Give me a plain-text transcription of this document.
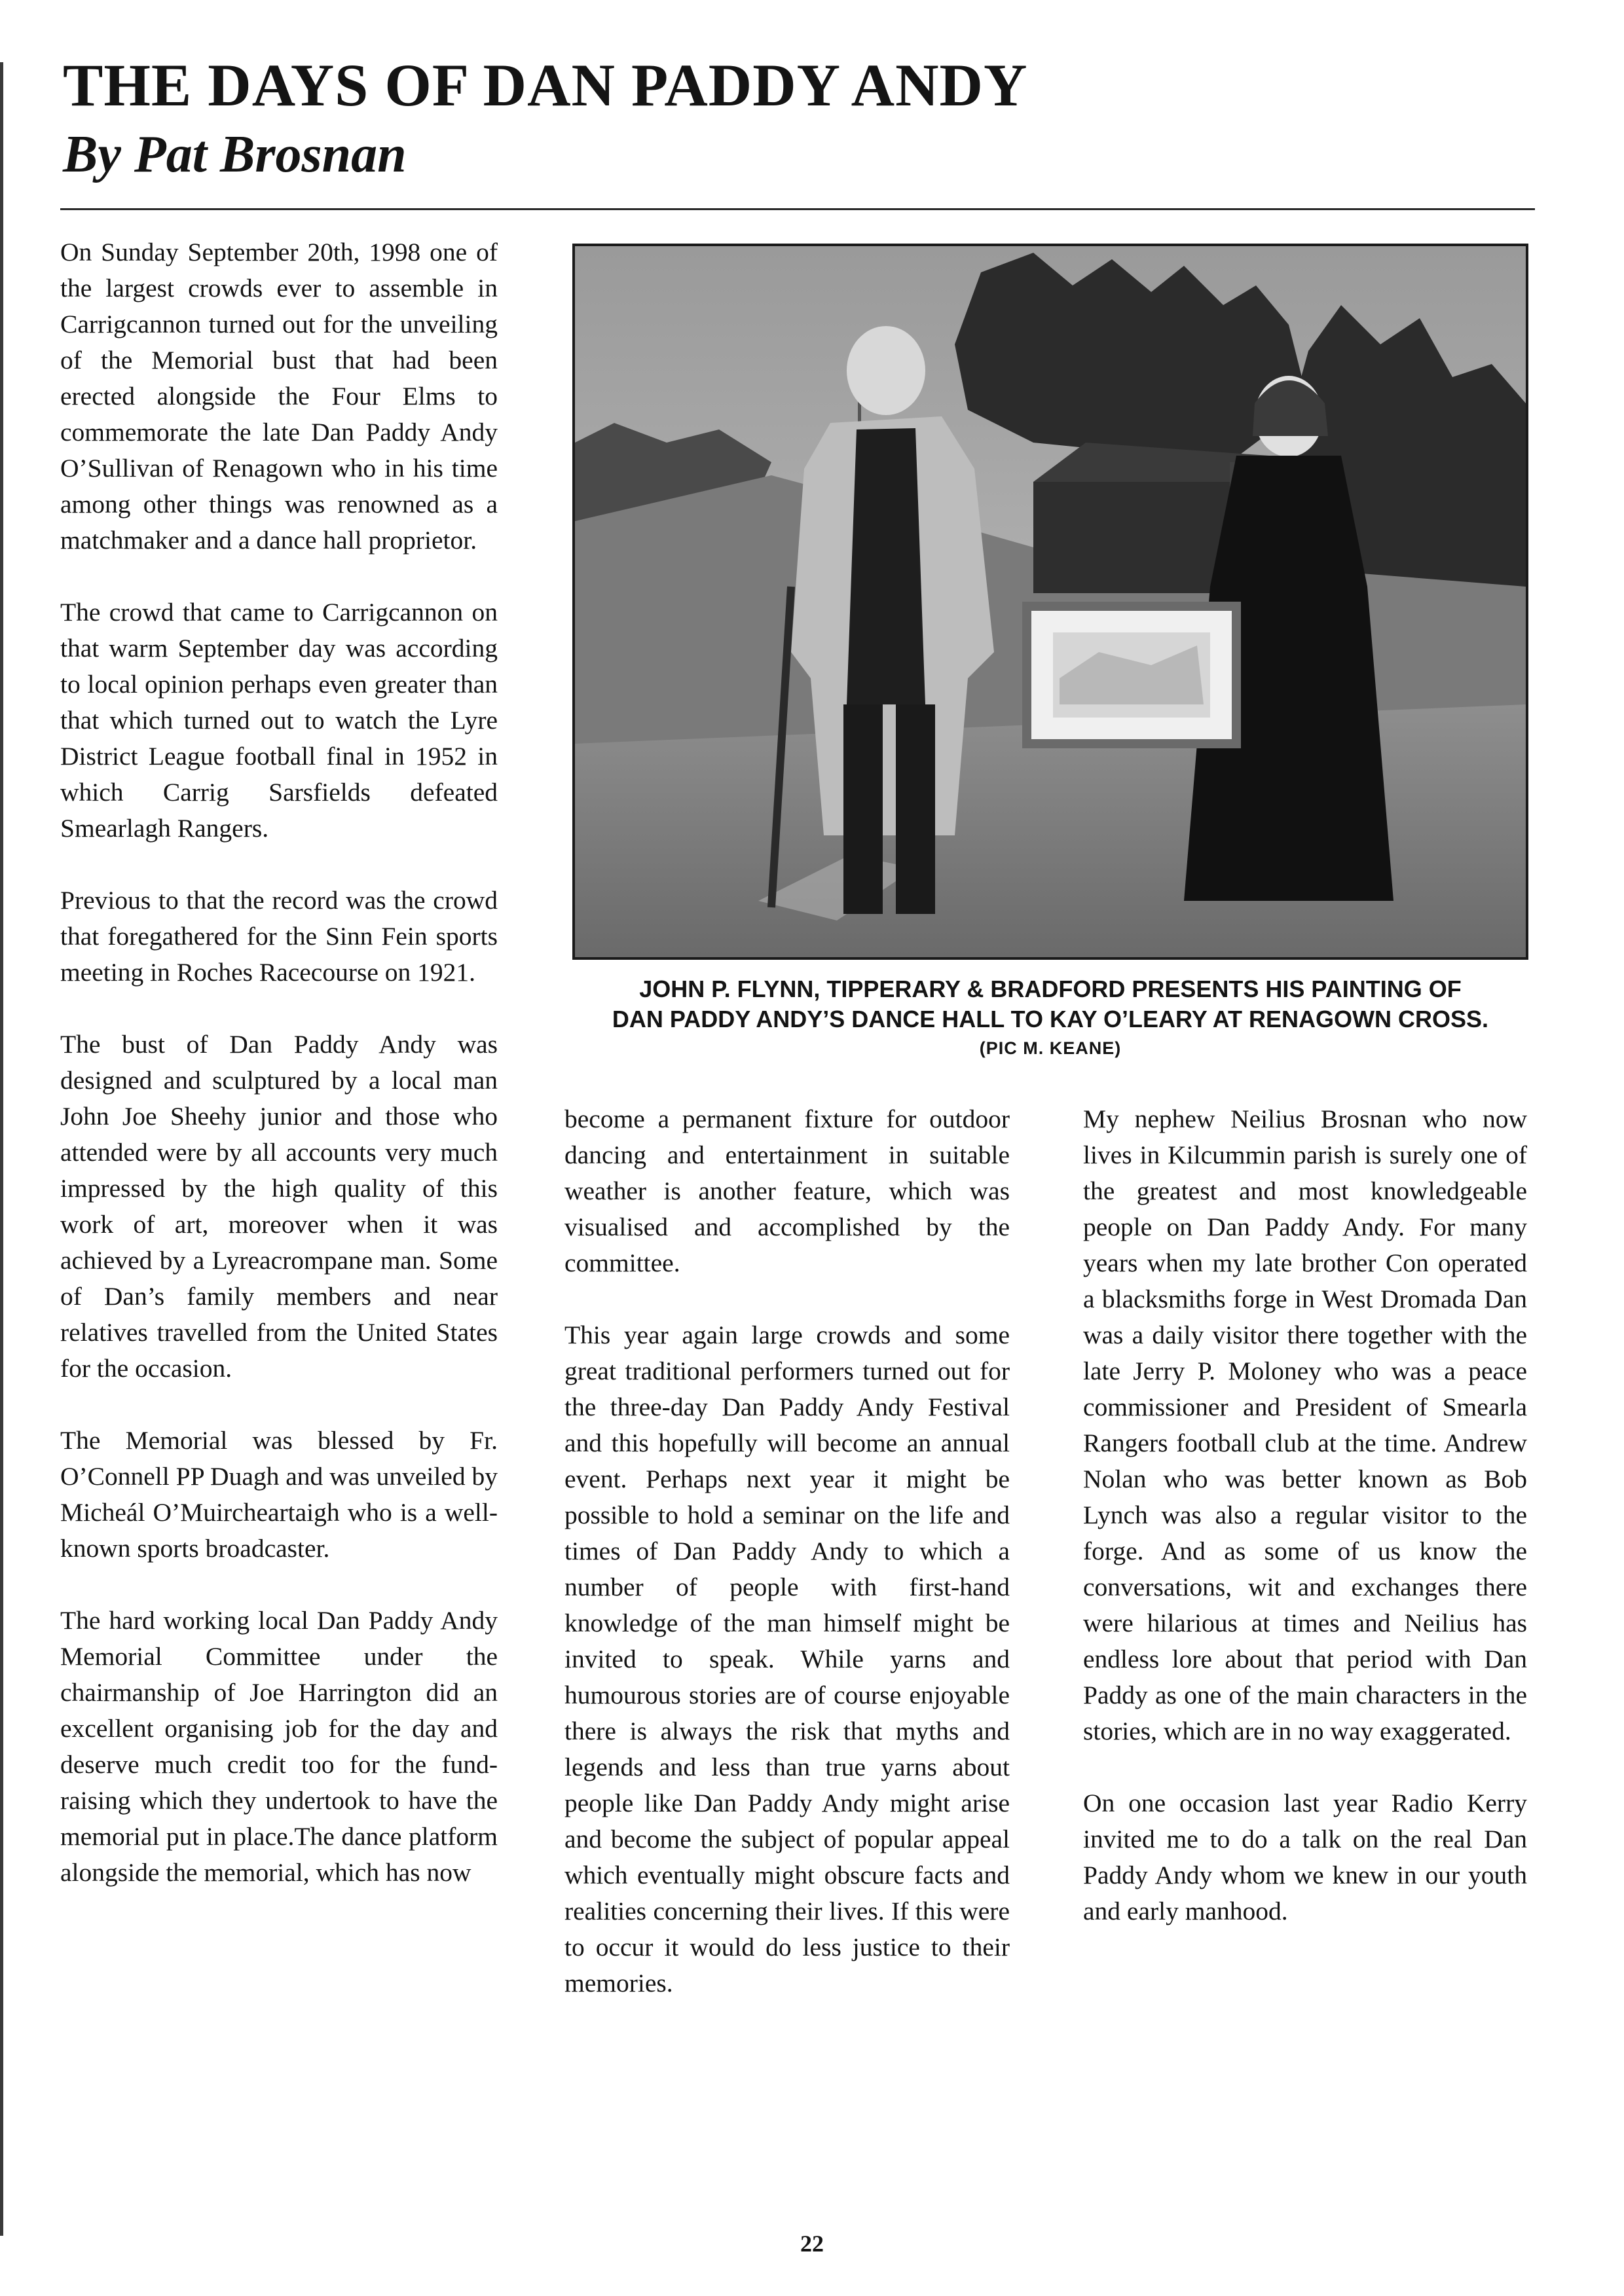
THE DAYS OF DAN PADDY ANDY
By Pat Brosnan

On Sunday September 20th, 1998 one of the largest crowds ever to assemble in Carrigcannon turned out for the unveiling of the Memorial bust that had been erected alongside the Four Elms to commemorate the late Dan Paddy Andy O’Sullivan of Renagown who in his time among other things was renowned as a matchmaker and a dance hall proprietor.

The crowd that came to Carrigcannon on that warm September day was according to local opinion perhaps even greater than that which turned out to watch the Lyre District League football final in 1952 in which Carrig Sarsfields defeated Smearlagh Rangers.

Previous to that the record was the crowd that foregathered for the Sinn Fein sports meeting in Roches Racecourse on 1921.

The bust of Dan Paddy Andy was designed and sculptured by a local man John Joe Sheehy junior and those who attended were by all accounts very much impressed by the high quality of this work of art, moreover when it was achieved by a Lyreacrompane man. Some of Dan’s family members and near relatives travelled from the United States for the occasion.

The Memorial was blessed by Fr. O’Connell PP Duagh and was unveiled by Micheál O’Muircheartaigh who is a well-known sports broadcaster.

The hard working local Dan Paddy Andy Memorial Committee under the chairmanship of Joe Harrington did an excellent organising job for the day and deserve much credit too for the fund-raising which they undertook to have the memorial put in place.The dance platform alongside the memorial, which has now

JOHN P. FLYNN, TIPPERARY & BRADFORD PRESENTS HIS PAINTING OF
DAN PADDY ANDY’S DANCE HALL TO KAY O’LEARY AT RENAGOWN CROSS.
(PIC M. KEANE)

become a permanent fixture for outdoor dancing and entertainment in suitable weather is another feature, which was visualised and accomplished by the committee.

This year again large crowds and some great traditional performers turned out for the three-day Dan Paddy Andy Festival and this hopefully will become an annual event. Perhaps next year it might be possible to hold a seminar on the life and times of Dan Paddy Andy to which a number of people with first-hand knowledge of the man himself might be invited to speak. While yarns and humourous stories are of course enjoyable there is always the risk that myths and legends and less than true yarns about people like Dan Paddy Andy might arise and become the subject of popular appeal which eventually might obscure facts and realities concerning their lives. If this were to occur it would do less justice to their memories.

My nephew Neilius Brosnan who now lives in Kilcummin parish is surely one of the greatest and most knowledgeable people on Dan Paddy Andy. For many years when my late brother Con operated a blacksmiths forge in West Dromada Dan was a daily visitor there together with the late Jerry P. Moloney who was a peace commissioner and President of Smearla Rangers football club at the time. Andrew Nolan who was better known as Bob Lynch was also a regular visitor to the forge. And as some of us know the conversations, wit and exchanges there were hilarious at times and Neilius has endless lore about that period with Dan Paddy as one of the main characters in the stories, which are in no way exaggerated.

On one occasion last year Radio Kerry invited me to do a talk on the real Dan Paddy Andy whom we knew in our youth and early manhood.

22
